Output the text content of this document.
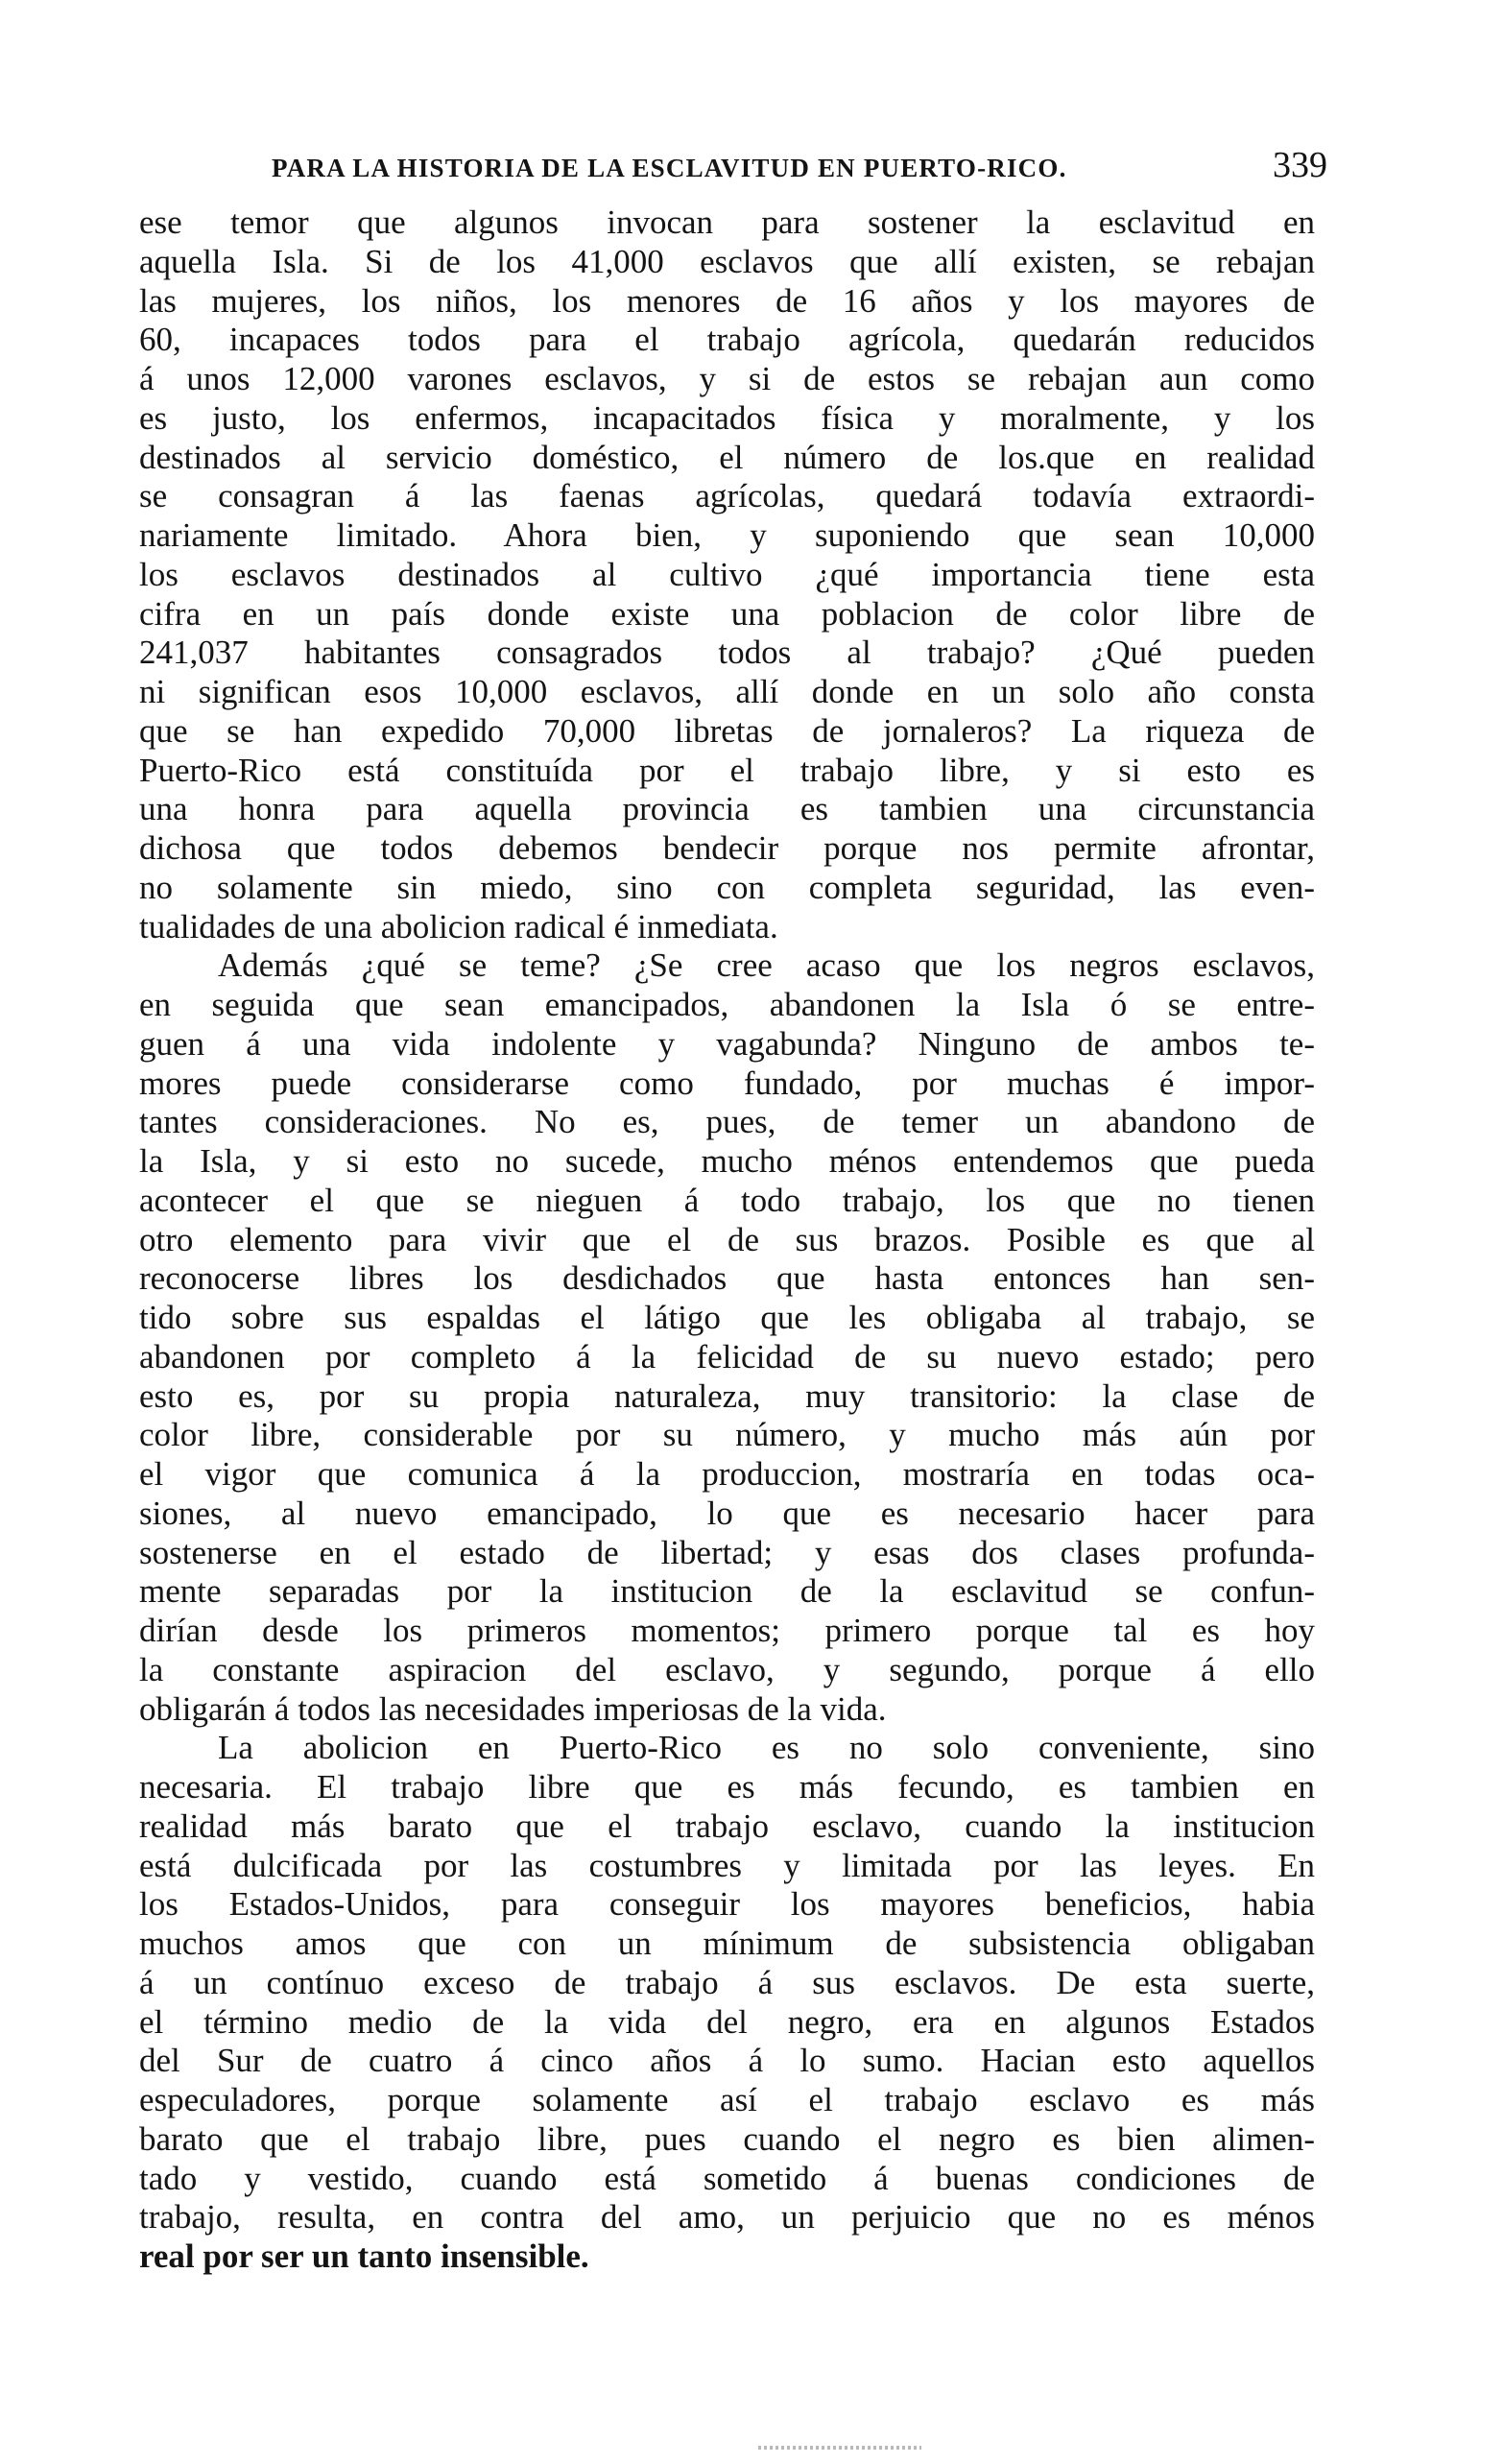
PARA LA HISTORIA DE LA ESCLAVITUD EN PUERTO-RICO.	339
ese temor que algunos invocan para sostener la esclavitud en
aquella Isla. Si de los 41,000 esclavos que allí existen, se rebajan
las mujeres, los niños, los menores de 16 años y los mayores de
60, incapaces todos para el trabajo agrícola, quedarán reducidos
á unos 12,000 varones esclavos, y si de estos se rebajan aun como
es justo, los enfermos, incapacitados física y moralmente, y los
destinados al servicio doméstico, el número de los.que en realidad
se consagran á las faenas agrícolas, quedará todavía extraordi-
nariamente limitado. Ahora bien, y suponiendo que sean 10,000
los esclavos destinados al cultivo ¿qué importancia tiene esta
cifra en un país donde existe una poblacion de color libre de
241,037 habitantes consagrados todos al trabajo? ¿Qué pueden
ni significan esos 10,000 esclavos, allí donde en un solo año consta
que se han expedido 70,000 libretas de jornaleros? La riqueza de
Puerto-Rico está constituída por el trabajo libre, y si esto es
una honra para aquella provincia es tambien una circunstancia
dichosa que todos debemos bendecir porque nos permite afrontar,
no solamente sin miedo, sino con completa seguridad, las even-
tualidades de una abolicion radical é inmediata.
Además ¿qué se teme? ¿Se cree acaso que los negros esclavos,
en seguida que sean emancipados, abandonen la Isla ó se entre-
guen á una vida indolente y vagabunda? Ninguno de ambos te-
mores puede considerarse como fundado, por muchas é impor-
tantes consideraciones. No es, pues, de temer un abandono de
la Isla, y si esto no sucede, mucho ménos entendemos que pueda
acontecer el que se nieguen á todo trabajo, los que no tienen
otro elemento para vivir que el de sus brazos. Posible es que al
reconocerse libres los desdichados que hasta entonces han sen-
tido sobre sus espaldas el látigo que les obligaba al trabajo, se
abandonen por completo á la felicidad de su nuevo estado; pero
esto es, por su propia naturaleza, muy transitorio: la clase de
color libre, considerable por su número, y mucho más aún por
el vigor que comunica á la produccion, mostraría en todas oca-
siones, al nuevo emancipado, lo que es necesario hacer para
sostenerse en el estado de libertad; y esas dos clases profunda-
mente separadas por la institucion de la esclavitud se confun-
dirían desde los primeros momentos; primero porque tal es hoy
la constante aspiracion del esclavo, y segundo, porque á ello
obligarán á todos las necesidades imperiosas de la vida.
La abolicion en Puerto-Rico es no solo conveniente, sino
necesaria. El trabajo libre que es más fecundo, es tambien en
realidad más barato que el trabajo esclavo, cuando la institucion
está dulcificada por las costumbres y limitada por las leyes. En
los Estados-Unidos, para conseguir los mayores beneficios, habia
muchos amos que con un mínimum de subsistencia obligaban
á un contínuo exceso de trabajo á sus esclavos. De esta suerte,
el término medio de la vida del negro, era en algunos Estados
del Sur de cuatro á cinco años á lo sumo. Hacian esto aquellos
especuladores, porque solamente así el trabajo esclavo es más
barato que el trabajo libre, pues cuando el negro es bien alimen-
tado y vestido, cuando está sometido á buenas condiciones de
trabajo, resulta, en contra del amo, un perjuicio que no es ménos
real por ser un tanto insensible.
